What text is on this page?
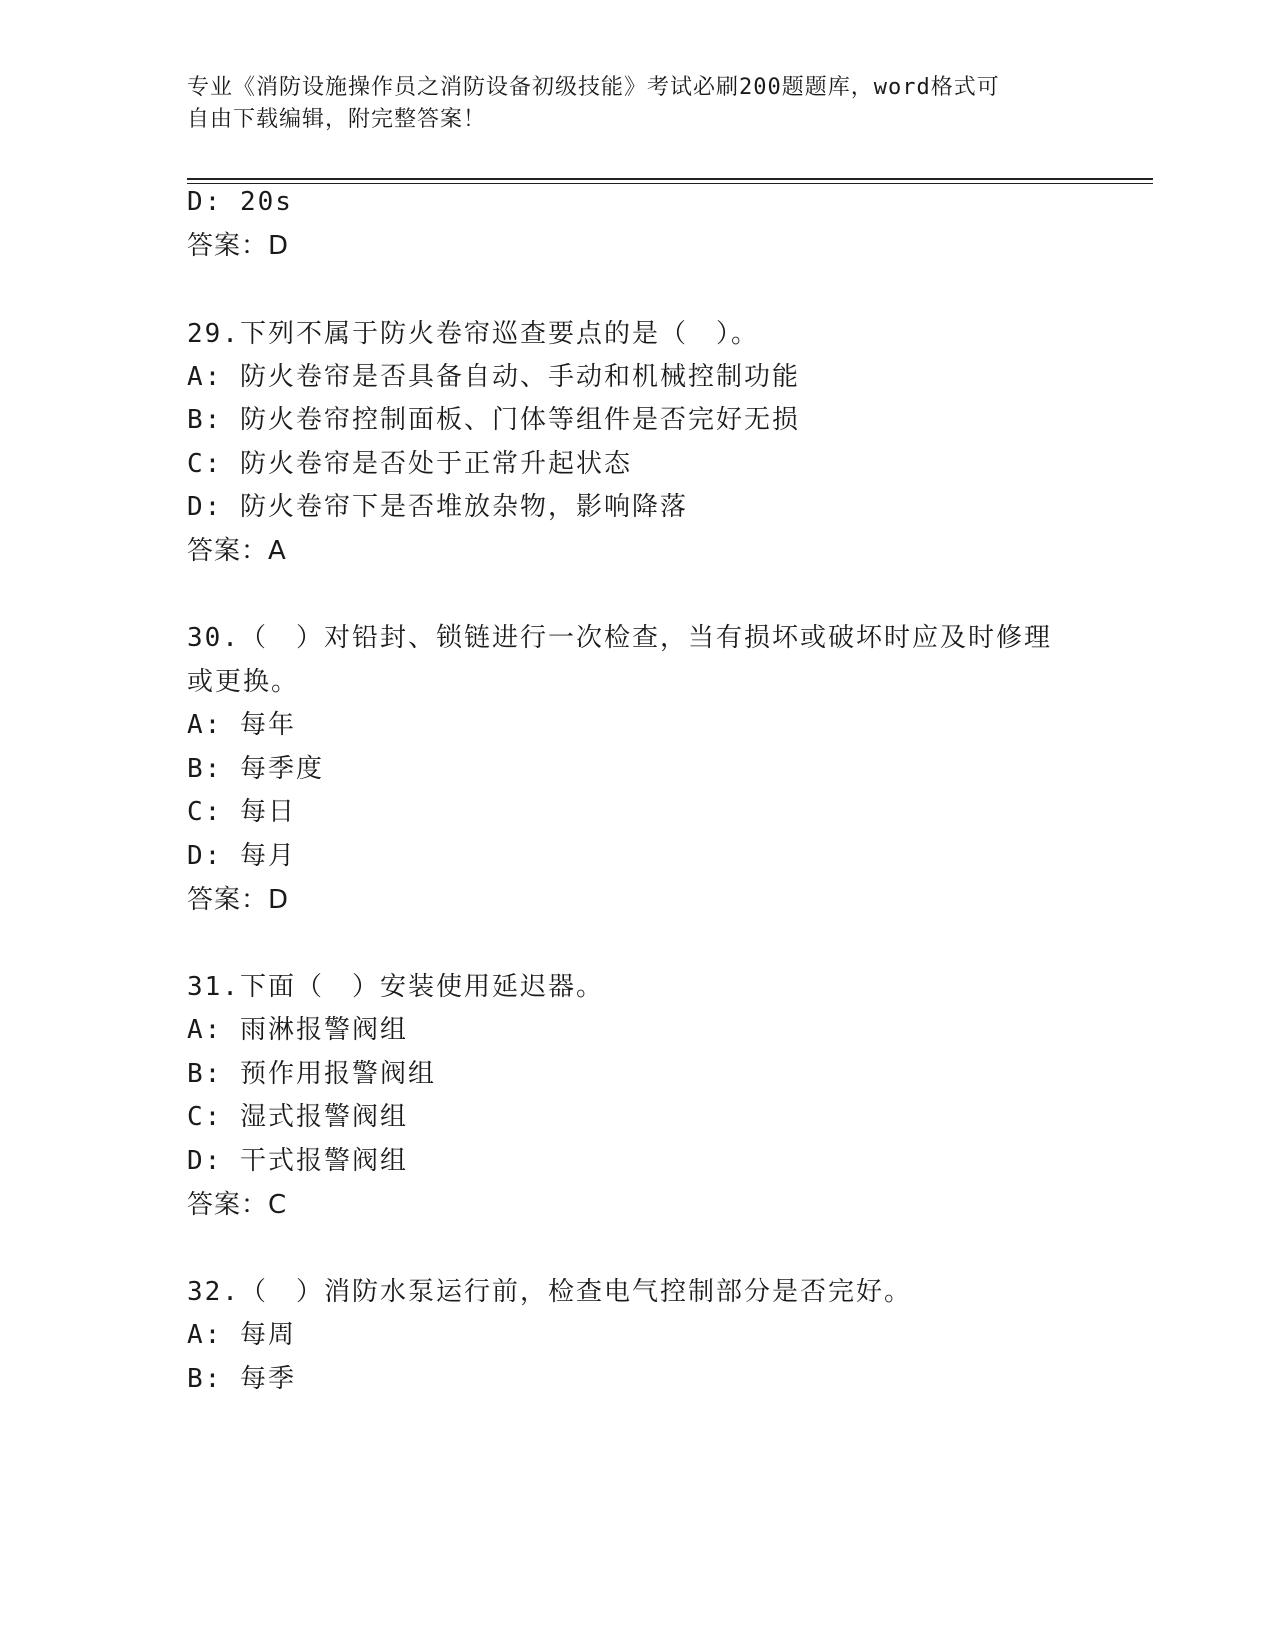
专业《消防设施操作员之消防设备初级技能》考试必刷200题题库，word格式可
自由下载编辑，附完整答案！
D: 20s
答案：D
29.下列不属于防火卷帘巡查要点的是（　）。
A: 防火卷帘是否具备自动、手动和机械控制功能
B: 防火卷帘控制面板、门体等组件是否完好无损
C: 防火卷帘是否处于正常升起状态
D: 防火卷帘下是否堆放杂物，影响降落
答案：A
30.（　）对铅封、锁链进行一次检查，当有损坏或破坏时应及时修理
或更换。
A: 每年
B: 每季度
C: 每日
D: 每月
答案：D
31.下面（　）安装使用延迟器。
A: 雨淋报警阀组
B: 预作用报警阀组
C: 湿式报警阀组
D: 干式报警阀组
答案：C
32.（　）消防水泵运行前，检查电气控制部分是否完好。
A: 每周
B: 每季
